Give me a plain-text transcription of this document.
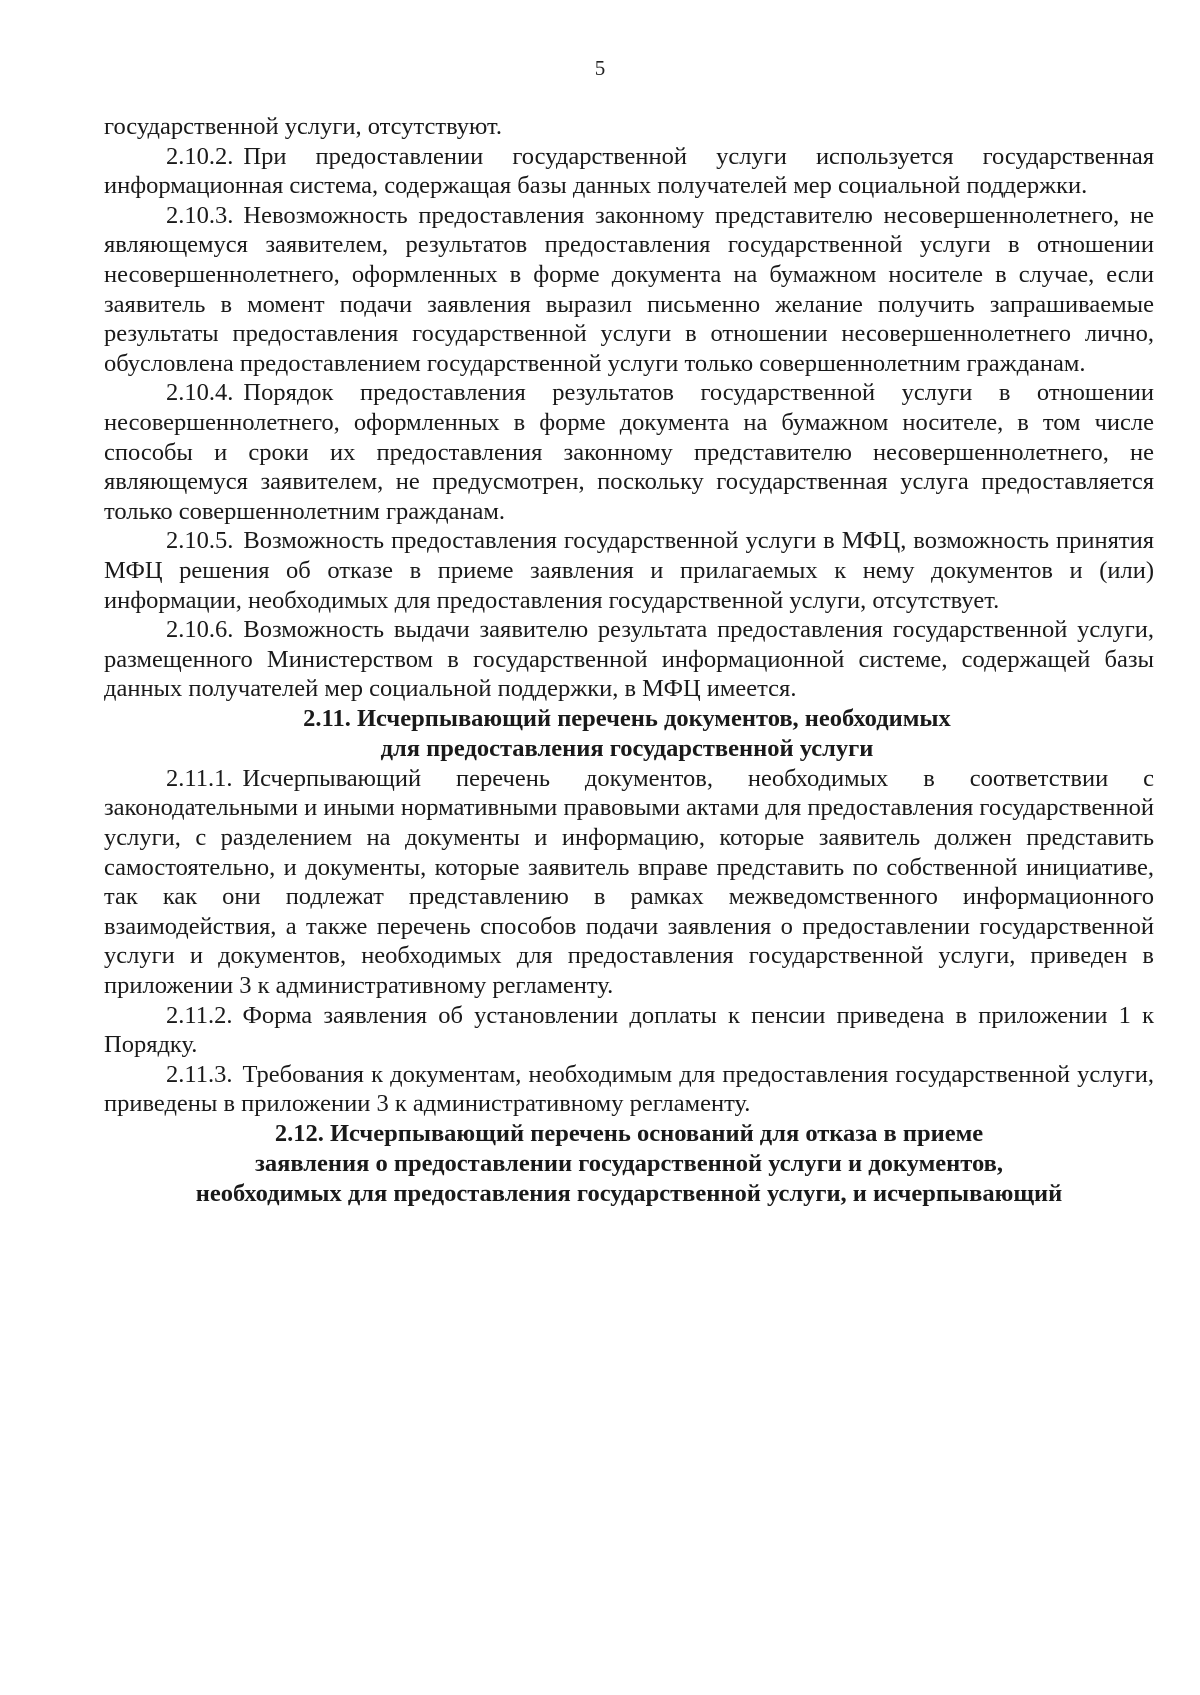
5

государственной услуги, отсутствуют.

2.10.2. При предоставлении государственной услуги используется государственная информационная система, содержащая базы данных получателей мер социальной поддержки.

2.10.3. Невозможность предоставления законному представителю несовершеннолетнего, не являющемуся заявителем, результатов предоставления государственной услуги в отношении несовершеннолетнего, оформленных в форме документа на бумажном носителе в случае, если заявитель в момент подачи заявления выразил письменно желание получить запрашиваемые результаты предоставления государственной услуги в отношении несовершеннолетнего лично, обусловлена предоставлением государственной услуги только совершеннолетним гражданам.

2.10.4. Порядок предоставления результатов государственной услуги в отношении несовершеннолетнего, оформленных в форме документа на бумажном носителе, в том числе способы и сроки их предоставления законному представителю несовершеннолетнего, не являющемуся заявителем, не предусмотрен, поскольку государственная услуга предоставляется только совершеннолетним гражданам.

2.10.5. Возможность предоставления государственной услуги в МФЦ, возможность принятия МФЦ решения об отказе в приеме заявления и прилагаемых к нему документов и (или) информации, необходимых для предоставления государственной услуги, отсутствует.

2.10.6. Возможность выдачи заявителю результата предоставления государственной услуги, размещенного Министерством в государственной информационной системе, содержащей базы данных получателей мер социальной поддержки, в МФЦ имеется.

2.11. Исчерпывающий перечень документов, необходимых
для предоставления государственной услуги

2.11.1. Исчерпывающий перечень документов, необходимых в соответствии с законодательными и иными нормативными правовыми актами для предоставления государственной услуги, с разделением на документы и информацию, которые заявитель должен представить самостоятельно, и документы, которые заявитель вправе представить по собственной инициативе, так как они подлежат представлению в рамках межведомственного информационного взаимодействия, а также перечень способов подачи заявления о предоставлении государственной услуги и документов, необходимых для предоставления государственной услуги, приведен в приложении 3 к административному регламенту.

2.11.2. Форма заявления об установлении доплаты к пенсии приведена в приложении 1 к Порядку.

2.11.3. Требования к документам, необходимым для предоставления государственной услуги, приведены в приложении 3 к административному регламенту.

2.12. Исчерпывающий перечень оснований для отказа в приеме
заявления о предоставлении государственной услуги и документов,
необходимых для предоставления государственной услуги, и исчерпывающий
